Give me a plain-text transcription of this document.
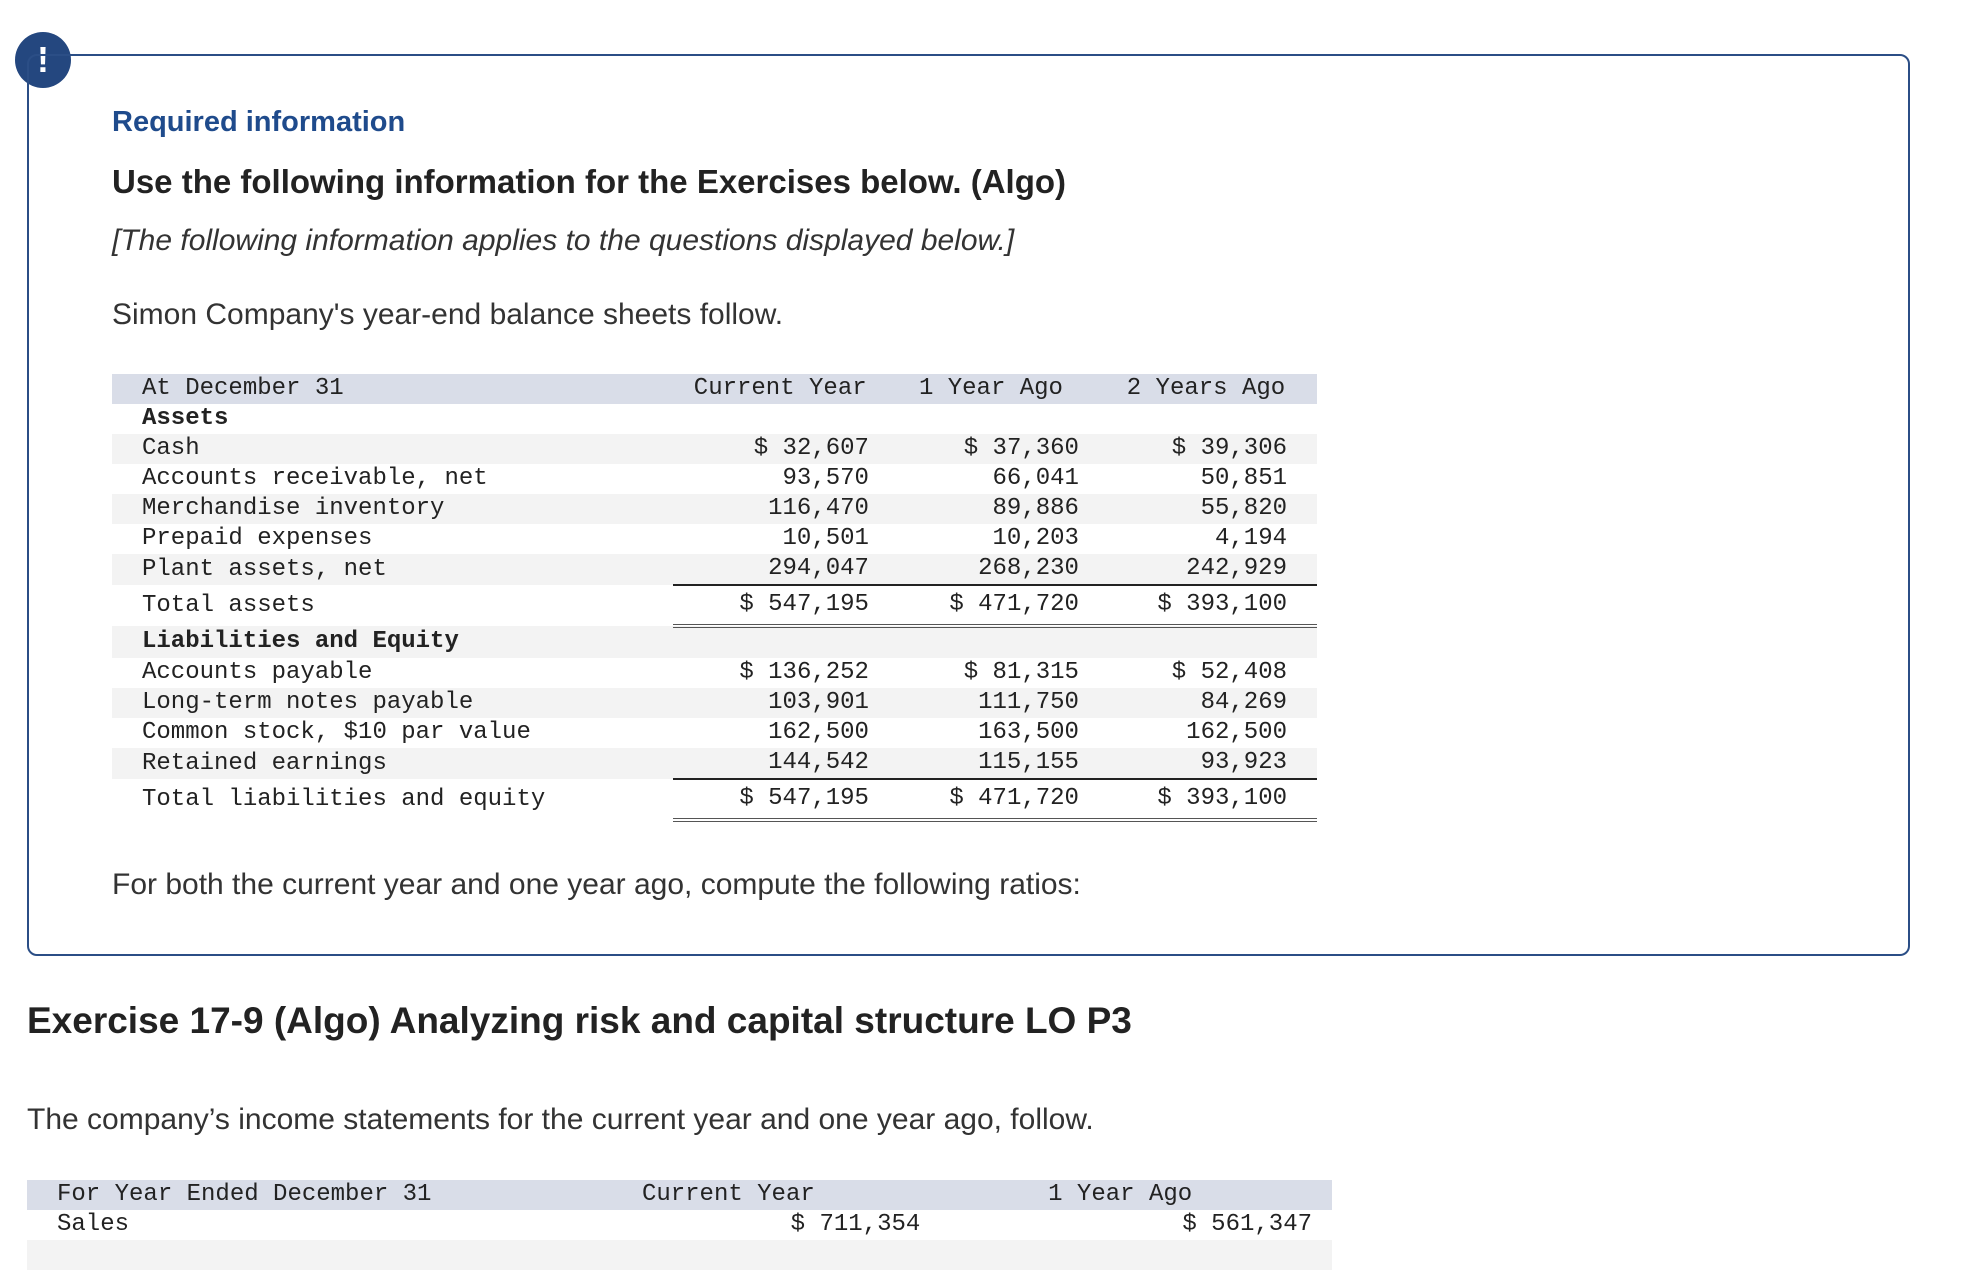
!
Required information
Use the following information for the Exercises below. (Algo)

[The following information applies to the questions displayed below.]

Simon Company's year-end balance sheets follow.

At December 31	Current Year	1 Year Ago	2 Years Ago
Assets			
Cash	$ 32,607	$ 37,360	$ 39,306
Accounts receivable, net	93,570	66,041	50,851
Merchandise inventory	116,470	89,886	55,820
Prepaid expenses	10,501	10,203	4,194
Plant assets, net	294,047	268,230	242,929
Total assets	$ 547,195	$ 471,720	$ 393,100
Liabilities and Equity			
Accounts payable	$ 136,252	$ 81,315	$ 52,408
Long-term notes payable	103,901	111,750	84,269
Common stock, $10 par value	162,500	163,500	162,500
Retained earnings	144,542	115,155	93,923
Total liabilities and equity	$ 547,195	$ 471,720	$ 393,100

For both the current year and one year ago, compute the following ratios:

Exercise 17-9 (Algo) Analyzing risk and capital structure LO P3

The company’s income statements for the current year and one year ago, follow.

For Year Ended December 31	Current Year	1 Year Ago
Sales	$ 711,354	$ 561,347
